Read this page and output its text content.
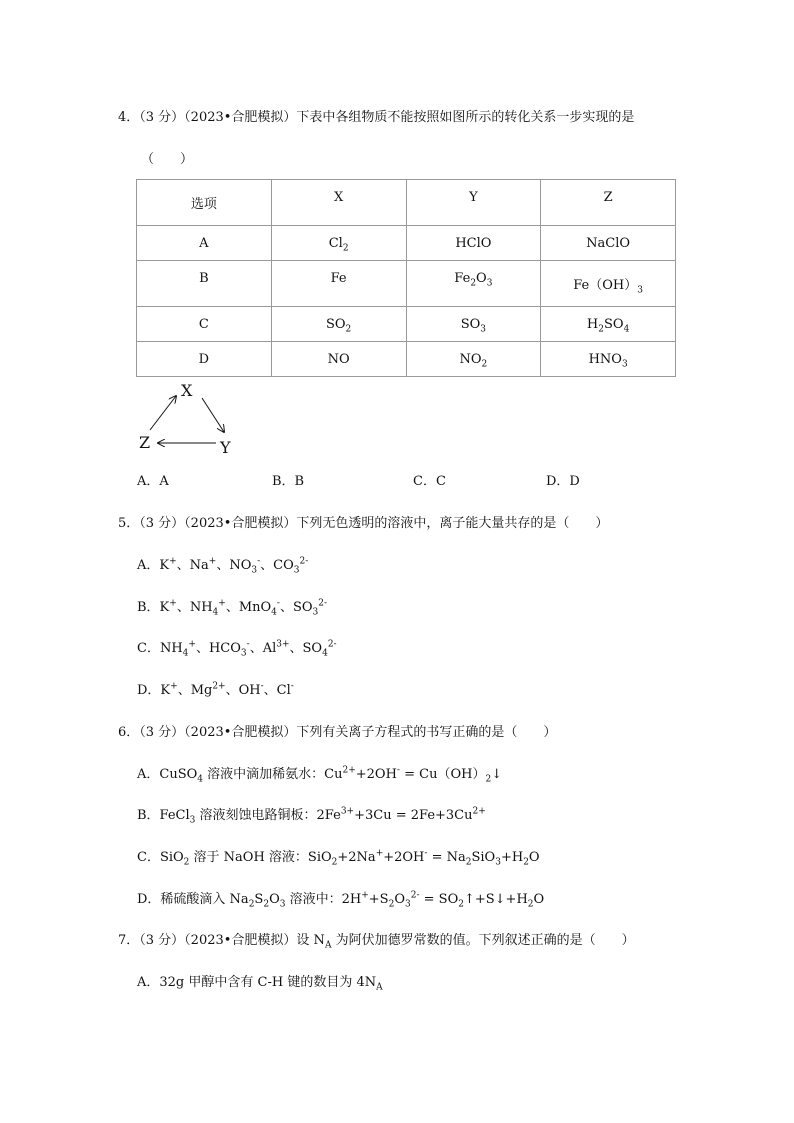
4．（3 分）（2023•合肥模拟）下表中各组物质不能按照如图所示的转化关系一步实现的是
（　　）
选项	X	Y	Z
A	$Cl_2$	HClO	NaClO
B	Fe	$Fe_2O_3$	$Fe(OH)_3$
C	$SO_2$	$SO_3$	$H_2SO_4$
D	NO	$NO_2$	$HNO_3$
X
Z	Y
A．A	B．B	C．C	D．D
5．（3 分）（2023•合肥模拟）下列无色透明的溶液中，离子能大量共存的是（　　）
A．K+、Na+、$NO_3^-$、$CO_3^{2-}$
B．K+、$NH_4^+$、MnO$_4$-、$SO_3^{2-}$
C．$NH_4^+$、$HCO_3^-$、$Al^{3+}$、$SO_4^{2-}$
D．K+、$Mg^{2+}$、OH-、Cl-
6．（3 分）（2023•合肥模拟）下列有关离子方程式的书写正确的是（　　）
A．CuSO$_4$ 溶液中滴加稀氨水：$Cu^{2+}+2OH^-$ = $Cu(OH)_2↓$
B．FeCl$_3$ 溶液刻蚀电路铜板：$2Fe^{3+}+3Cu = 2Fe+3Cu^{2+}$
C．SiO$_2$ 溶于 NaOH 溶液：$SiO_2+2Na^++2OH^- = Na_2SiO_3+H_2O$
D．稀硫酸滴入 $Na_2S_2O_3$ 溶液中：$2H^++S_2O_3^{2-}$ = $SO_2↑+S↓+H_2O$
7．（3 分）（2023•合肥模拟）设 $N_A$ 为阿伏加德罗常数的值。下列叙述正确的是（　　）
A．32g 甲醇中含有 C-H 键的数目为 $4N_A$
